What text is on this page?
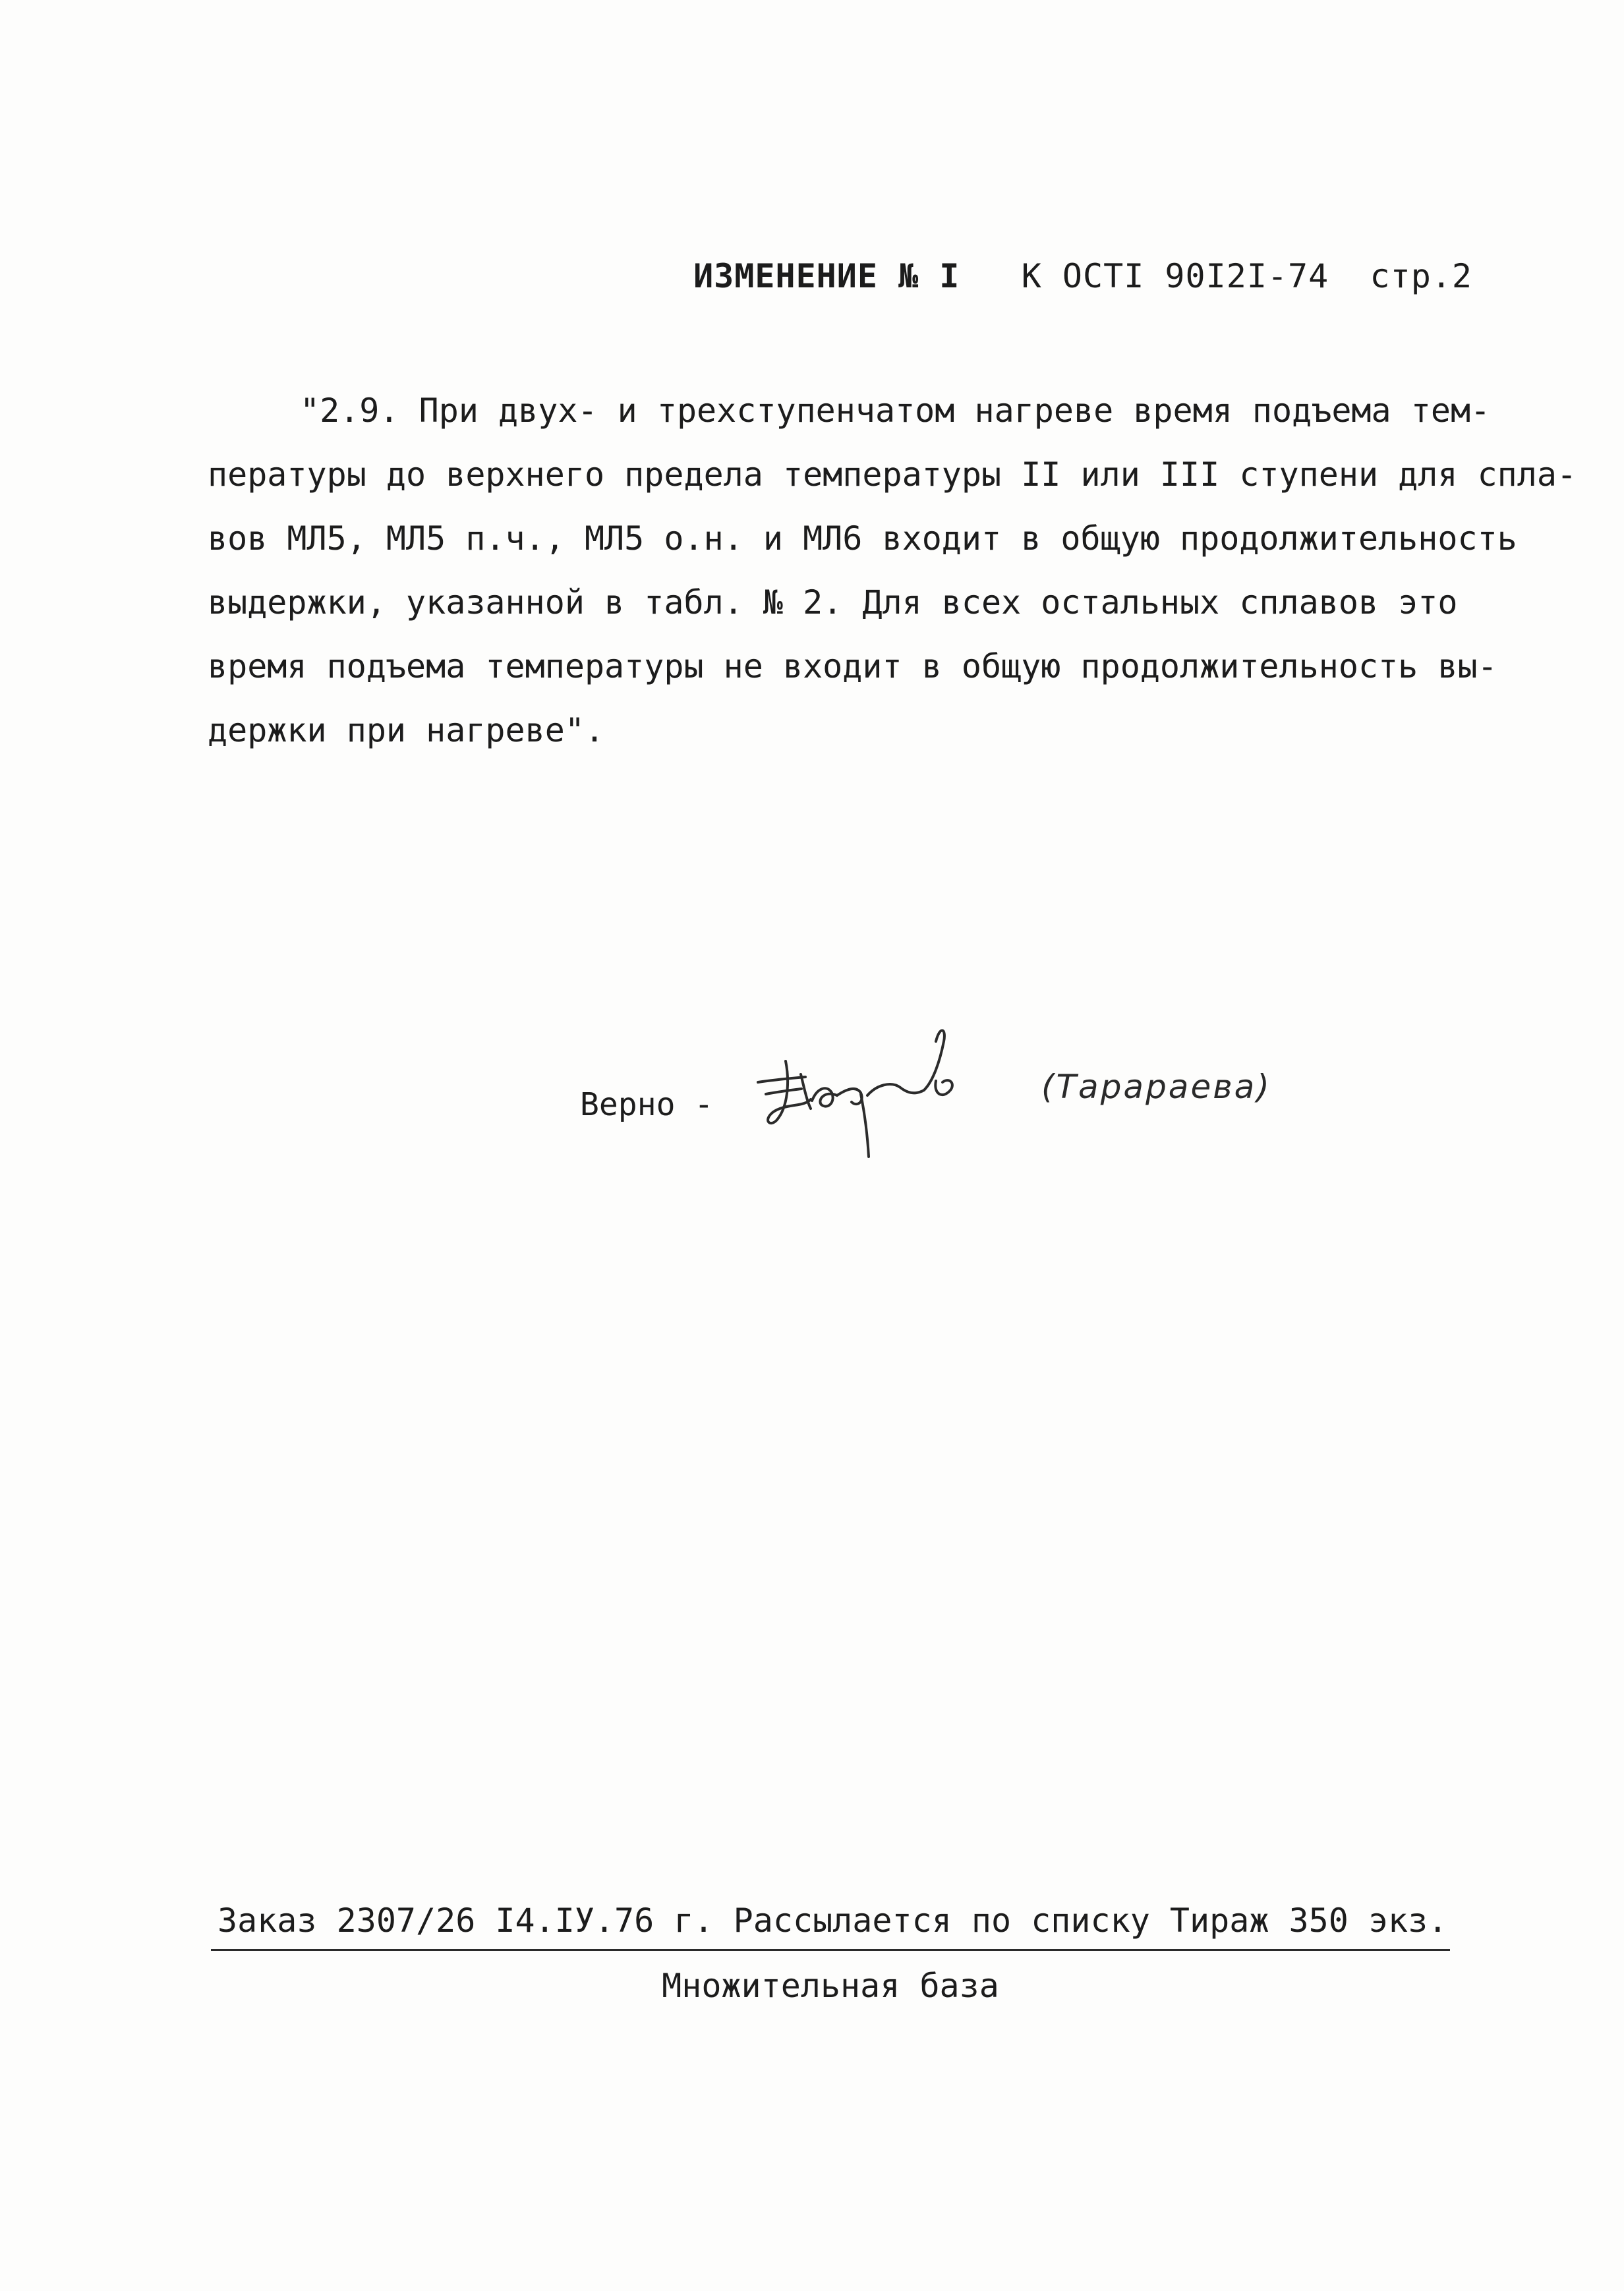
ИЗМЕНЕНИЕ № I К ОСТI 90I2I-74 стр.2
"2.9. При двух- и трехступенчатом нагреве время подъема тем-
пературы до верхнего предела температуры II или III ступени для спла-
вов МЛ5, МЛ5 п.ч., МЛ5 о.н. и МЛ6 входит в общую продолжительность
выдержки, указанной в табл. № 2. Для всех остальных сплавов это
время подъема температуры не входит в общую продолжительность вы-
держки при нагреве".
Верно -	(Тарараева)
Заказ 2307/26 I4.IУ.76 г. Рассылается по списку Тираж 350 экз.
Множительная база
